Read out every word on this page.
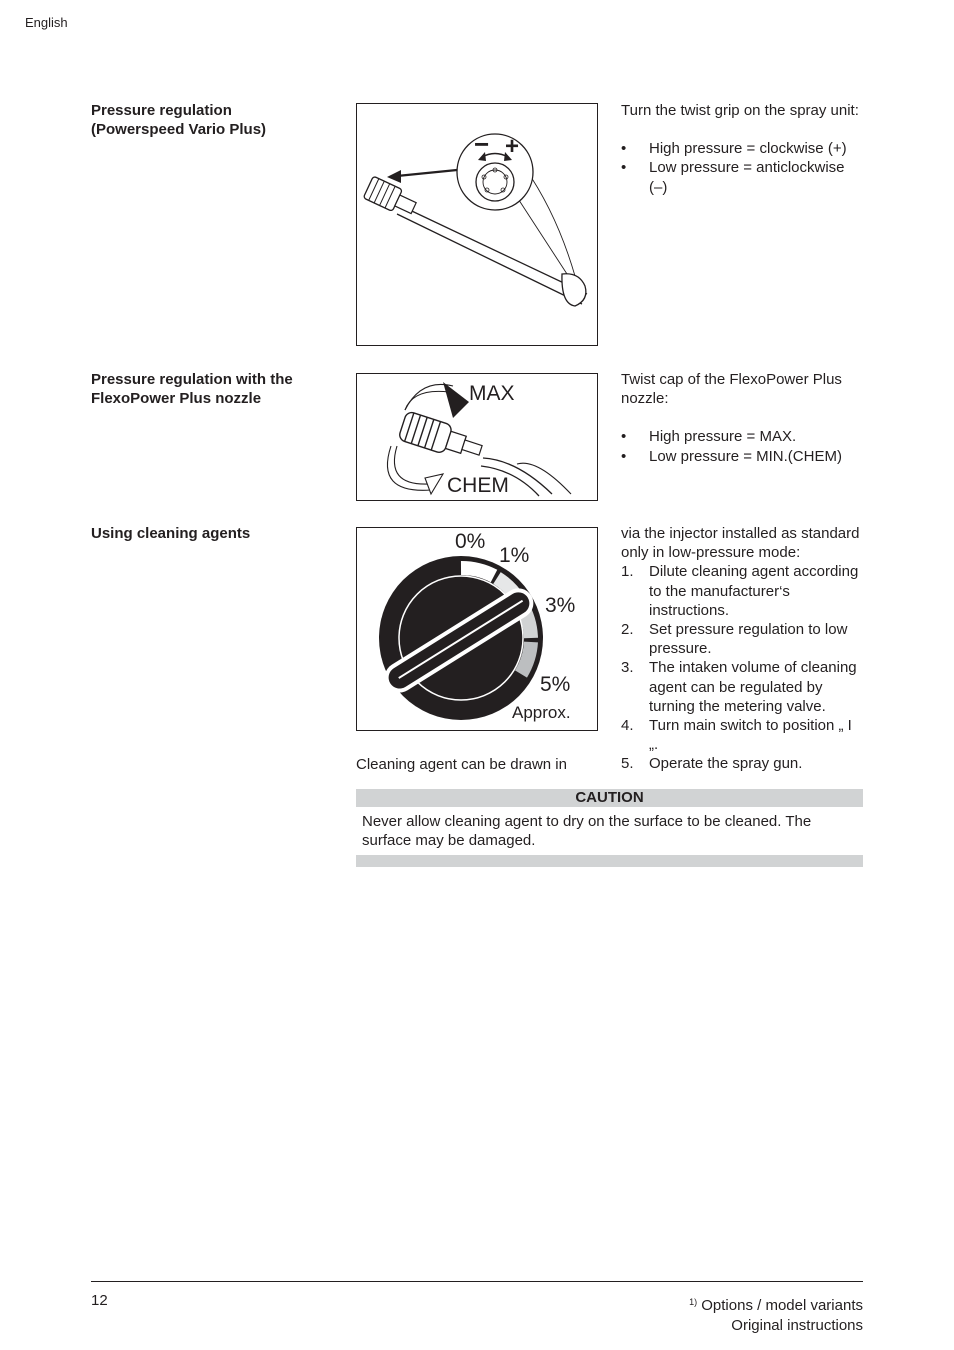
English
Pressure regulation
(Powerspeed Vario Plus)	− +
Turn the twist grip on the spray unit:
• High pressure = clockwise (+)
• Low pressure = anticlockwise (–)
Pressure regulation with the
FlexoPower Plus nozzle	MAX
CHEM
Twist cap of the FlexoPower Plus nozzle:
• High pressure = MAX.
• Low pressure = MIN.(CHEM)
Using cleaning agents	0%
1%
3%
5%
Approx.
Cleaning agent can be drawn in
via the injector installed as standard only in low-pressure mode:
1. Dilute cleaning agent according to the manufacturer‘s instructions.
2. Set pressure regulation to low pressure.
3. The intaken volume of cleaning agent can be regulated by turning the metering valve.
4. Turn main switch to position „ I „.
5. Operate the spray gun.
CAUTION
Never allow cleaning agent to dry on the surface to be cleaned. The surface may be damaged.
12	$^{1)}$ Options / model variants
Original instructions
